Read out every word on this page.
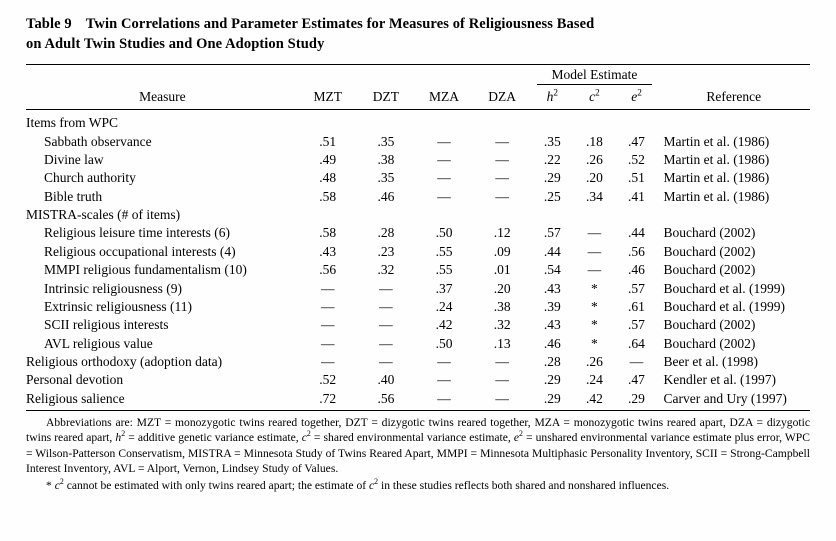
Table 9 Twin Correlations and Parameter Estimates for Measures of Religiousness Based
on Adult Twin Studies and One Adoption Study

					Model Estimate			

Measure	MZT	DZT	MZA	DZA	$h^2$	$c^2$	$e^2$	Reference

Items from WPC								
Sabbath observance	.51	.35	—	—	.35	.18	.47	Martin et al. (1986)
Divine law	.49	.38	—	—	.22	.26	.52	Martin et al. (1986)
Church authority	.48	.35	—	—	.29	.20	.51	Martin et al. (1986)
Bible truth	.58	.46	—	—	.25	.34	.41	Martin et al. (1986)
MISTRA-scales (# of items)								
Religious leisure time interests (6)	.58	.28	.50	.12	.57	—	.44	Bouchard (2002)
Religious occupational interests (4)	.43	.23	.55	.09	.44	—	.56	Bouchard (2002)
MMPI religious fundamentalism (10)	.56	.32	.55	.01	.54	—	.46	Bouchard (2002)
Intrinsic religiousness (9)	—	—	.37	.20	.43	*	.57	Bouchard et al. (1999)
Extrinsic religiousness (11)	—	—	.24	.38	.39	*	.61	Bouchard et al. (1999)
SCII religious interests	—	—	.42	.32	.43	*	.57	Bouchard (2002)
AVL religious value	—	—	.50	.13	.46	*	.64	Bouchard (2002)
Religious orthodoxy (adoption data)	—	—	—	—	.28	.26	—	Beer et al. (1998)
Personal devotion	.52	.40	—	—	.29	.24	.47	Kendler et al. (1997)
Religious salience	.72	.56	—	—	.29	.42	.29	Carver and Ury (1997)

Abbreviations are: MZT = monozygotic twins reared together, DZT = dizygotic twins reared together, MZA = monozygotic twins reared apart, DZA = dizygotic twins reared apart, $h^2$ = additive genetic variance estimate, $c^2$ = shared environmental variance estimate, $e^2$ = unshared environmental variance estimate plus error, WPC = Wilson-Patterson Conservatism, MISTRA = Minnesota Study of Twins Reared Apart, MMPI = Minnesota Multiphasic Personality Inventory, SCII = Strong-Campbell Interest Inventory, AVL = Alport, Vernon, Lindsey Study of Values.

* $c^2$ cannot be estimated with only twins reared apart; the estimate of $c^2$ in these studies reflects both shared and nonshared influences.
